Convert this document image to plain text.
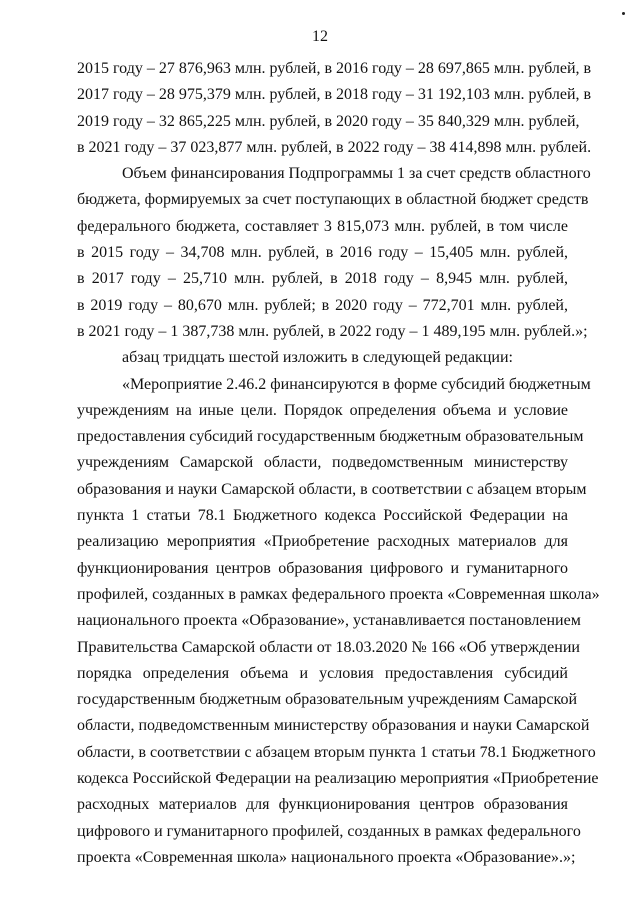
12
2015 году – 27 876,963 млн. рублей, в 2016 году – 28 697,865 млн. рублей, в
2017 году – 28 975,379 млн. рублей, в 2018 году – 31 192,103 млн. рублей, в
2019 году – 32 865,225 млн. рублей, в 2020 году – 35 840,329 млн. рублей,
в 2021 году – 37 023,877 млн. рублей, в 2022 году – 38 414,898 млн. рублей.
Объем финансирования Подпрограммы 1 за счет средств областного
бюджета, формируемых за счет поступающих в областной бюджет средств
федерального бюджета, составляет 3 815,073 млн. рублей, в том числе
в 2015 году – 34,708 млн. рублей, в 2016 году – 15,405 млн. рублей,
в 2017 году – 25,710 млн. рублей, в 2018 году – 8,945 млн. рублей,
в 2019 году – 80,670 млн. рублей; в 2020 году – 772,701 млн. рублей,
в 2021 году – 1 387,738 млн. рублей, в 2022 году – 1 489,195 млн. рублей.»;
абзац тридцать шестой изложить в следующей редакции:
«Мероприятие 2.46.2 финансируются в форме субсидий бюджетным
учреждениям на иные цели. Порядок определения объема и условие
предоставления субсидий государственным бюджетным образовательным
учреждениям Самарской области, подведомственным министерству
образования и науки Самарской области, в соответствии с абзацем вторым
пункта 1 статьи 78.1 Бюджетного кодекса Российской Федерации на
реализацию мероприятия «Приобретение расходных материалов для
функционирования центров образования цифрового и гуманитарного
профилей, созданных в рамках федерального проекта «Современная школа»
национального проекта «Образование», устанавливается постановлением
Правительства Самарской области от 18.03.2020 № 166 «Об утверждении
порядка определения объема и условия предоставления субсидий
государственным бюджетным образовательным учреждениям Самарской
области, подведомственным министерству образования и науки Самарской
области, в соответствии с абзацем вторым пункта 1 статьи 78.1 Бюджетного
кодекса Российской Федерации на реализацию мероприятия «Приобретение
расходных материалов для функционирования центров образования
цифрового и гуманитарного профилей, созданных в рамках федерального
проекта «Современная школа» национального проекта «Образование».»;
